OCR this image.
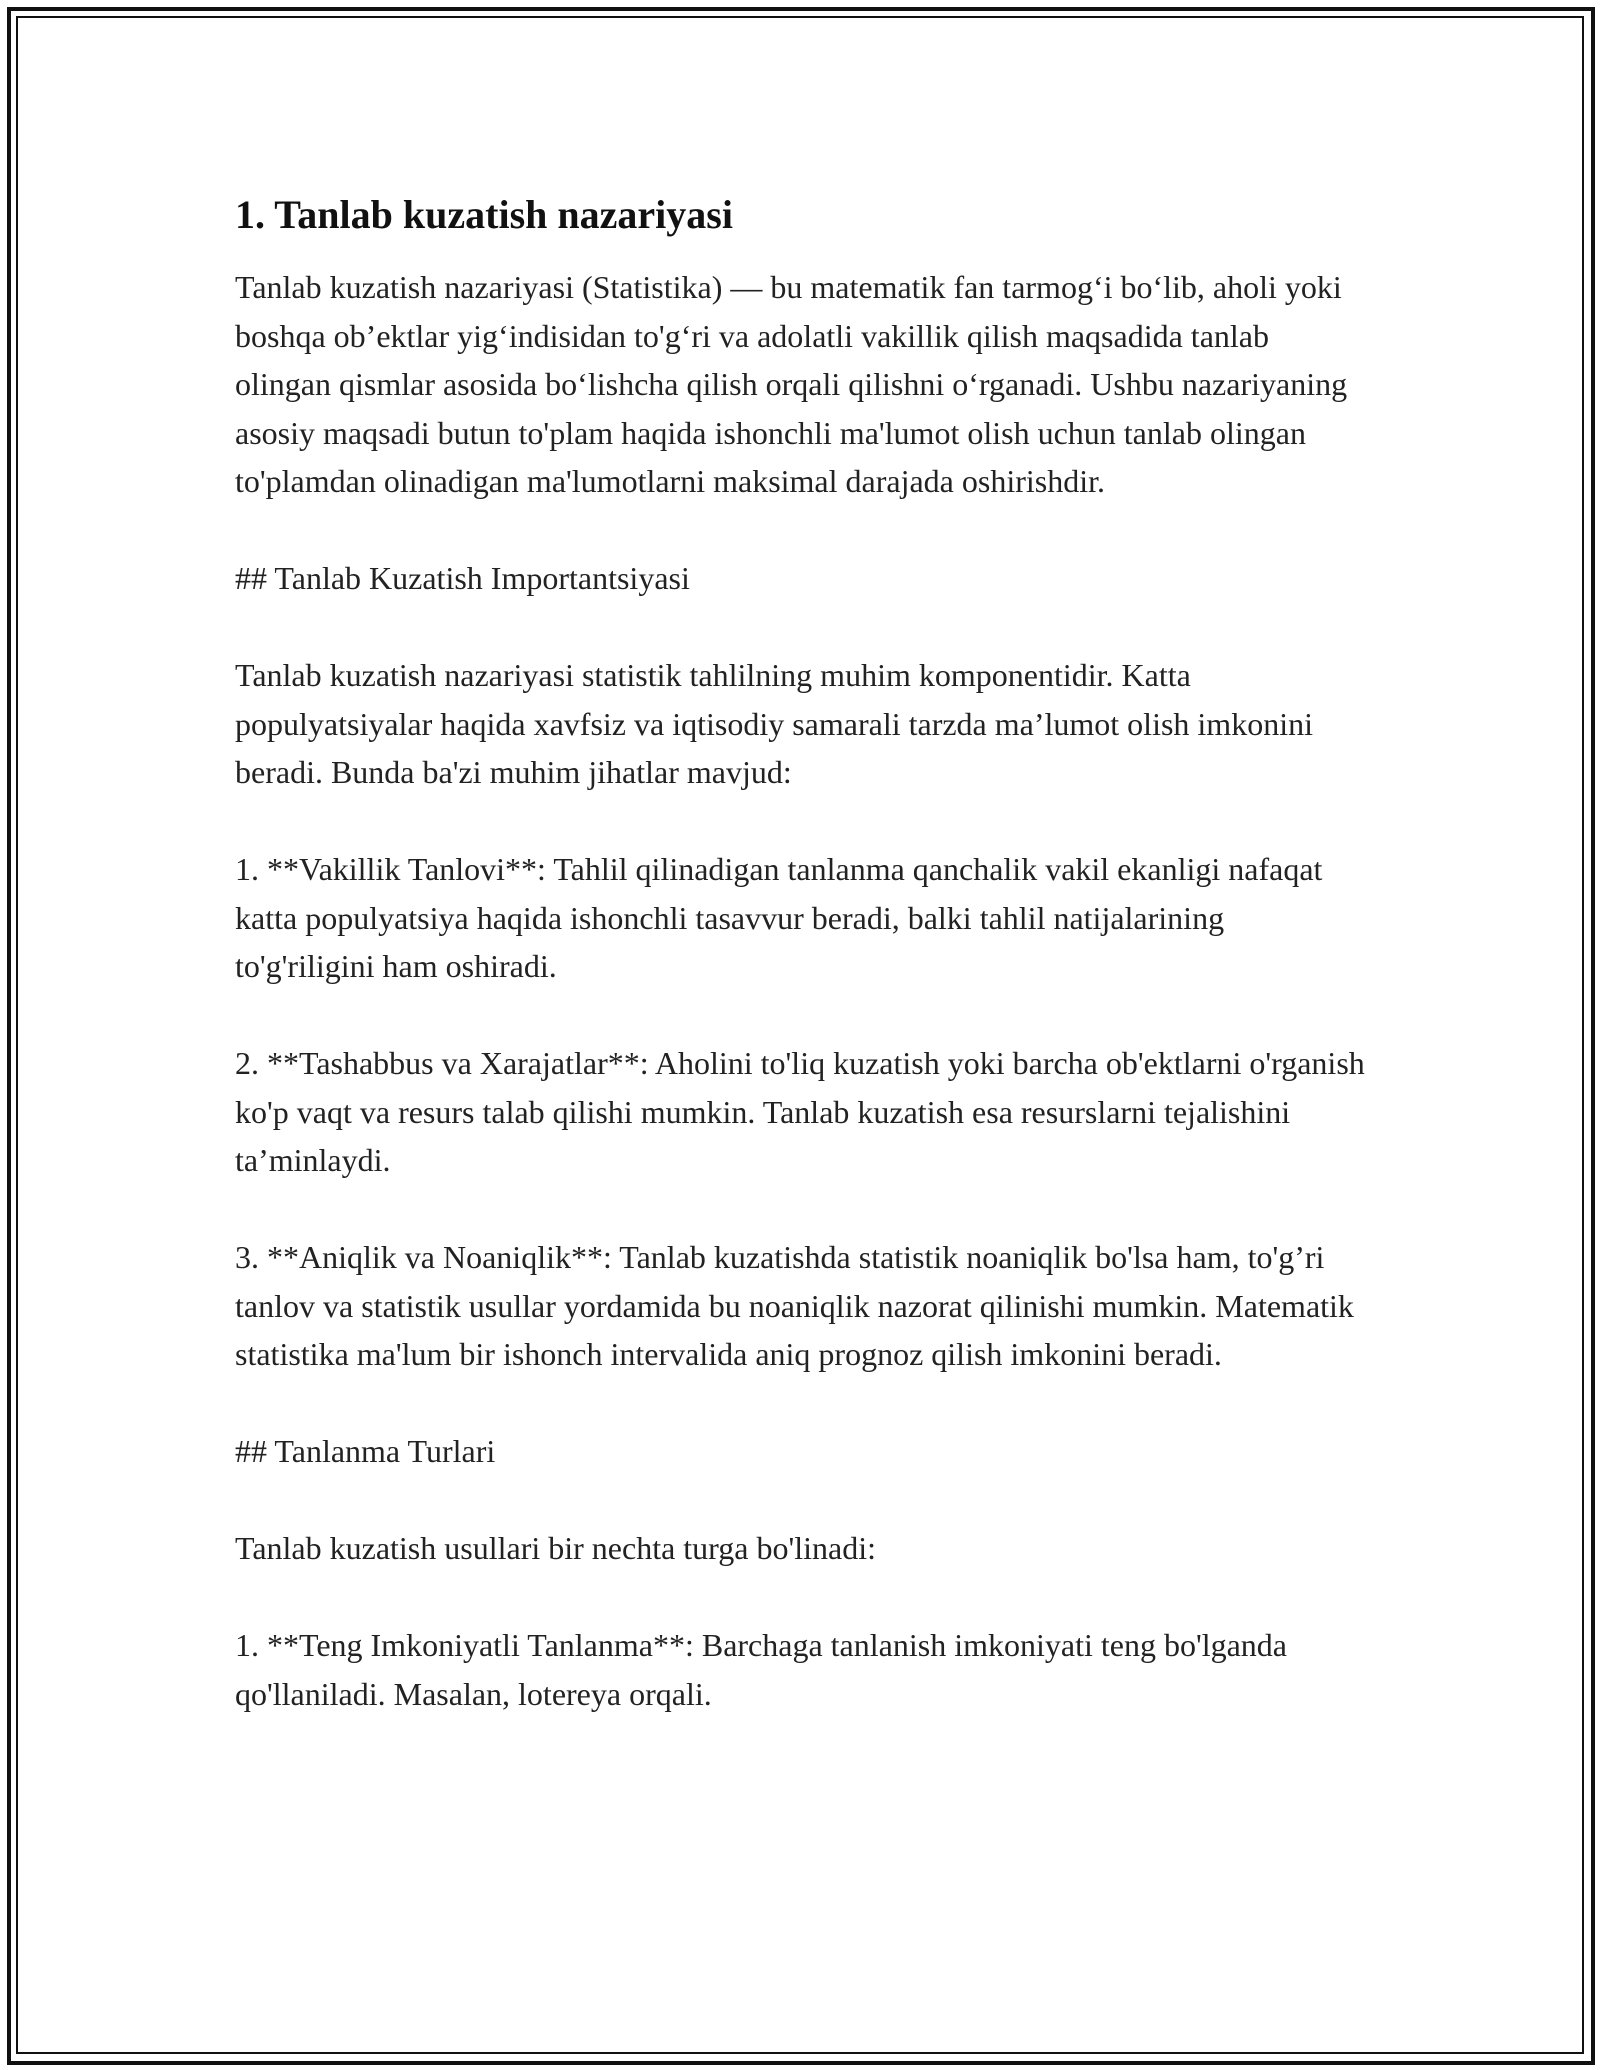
1. Tanlab kuzatish nazariyasi

Tanlab kuzatish nazariyasi (Statistika) — bu matematik fan tarmog‘i bo‘lib, aholi yoki boshqa ob’ektlar yig‘indisidan to'g‘ri va adolatli vakillik qilish maqsadida tanlab olingan qismlar asosida bo‘lishcha qilish orqali qilishni o‘rganadi. Ushbu nazariyaning asosiy maqsadi butun to'plam haqida ishonchli ma'lumot olish uchun tanlab olingan to'plamdan olinadigan ma'lumotlarni maksimal darajada oshirishdir.

## Tanlab Kuzatish Importantsiyasi

Tanlab kuzatish nazariyasi statistik tahlilning muhim komponentidir. Katta populyatsiyalar haqida xavfsiz va iqtisodiy samarali tarzda ma’lumot olish imkonini beradi. Bunda ba'zi muhim jihatlar mavjud:

1. **Vakillik Tanlovi**: Tahlil qilinadigan tanlanma qanchalik vakil ekanligi nafaqat katta populyatsiya haqida ishonchli tasavvur beradi, balki tahlil natijalarining to'g'riligini ham oshiradi.

2. **Tashabbus va Xarajatlar**: Aholini to'liq kuzatish yoki barcha ob'ektlarni o'rganish ko'p vaqt va resurs talab qilishi mumkin. Tanlab kuzatish esa resurslarni tejalishini ta’minlaydi.

3. **Aniqlik va Noaniqlik**: Tanlab kuzatishda statistik noaniqlik bo'lsa ham, to'g’ri tanlov va statistik usullar yordamida bu noaniqlik nazorat qilinishi mumkin. Matematik statistika ma'lum bir ishonch intervalida aniq prognoz qilish imkonini beradi.

## Tanlanma Turlari

Tanlab kuzatish usullari bir nechta turga bo'linadi:

1. **Teng Imkoniyatli Tanlanma**: Barchaga tanlanish imkoniyati teng bo'lganda qo'llaniladi. Masalan, lotereya orqali.
